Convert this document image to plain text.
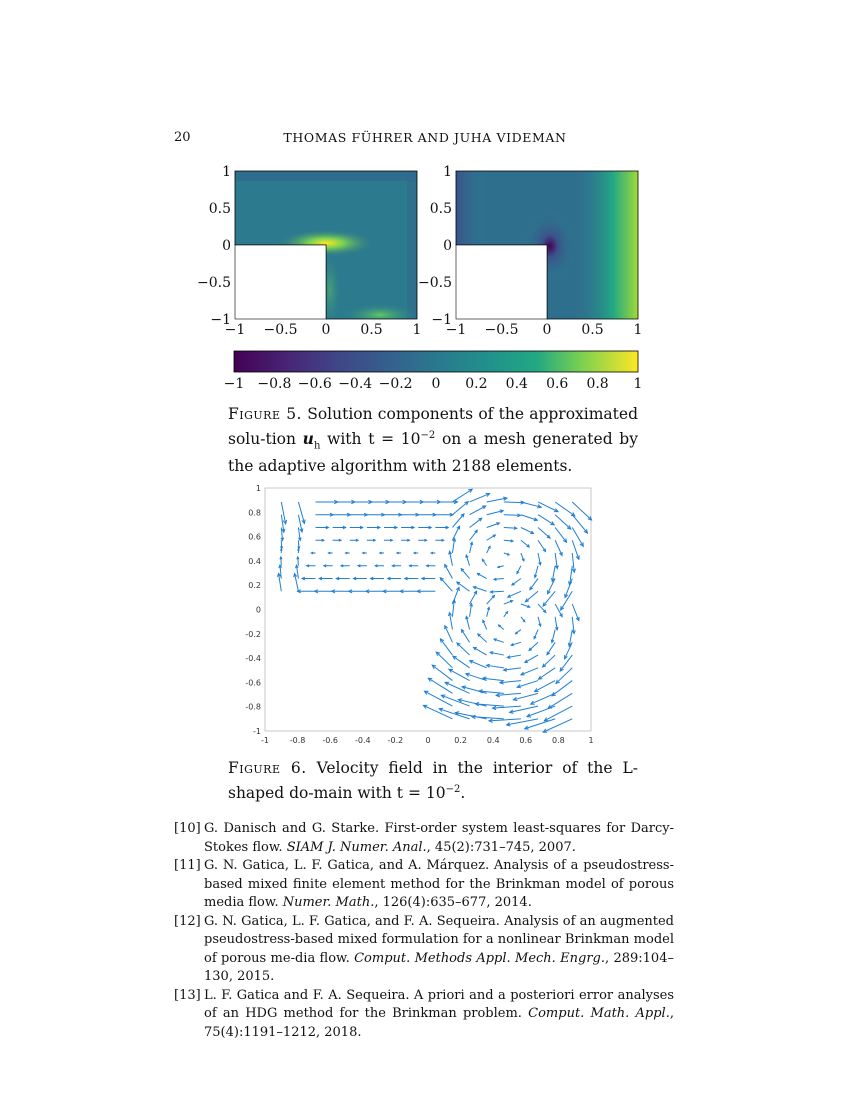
20	THOMAS FÜHRER AND JUHA VIDEMAN
1
0.5
0
−0.5
−1
−1 −0.5 0 0.5 1
1
0.5
0
−0.5
−1
−1 −0.5 0 0.5 1
−1 −0.8 −0.6 −0.4 −0.2 0 0.2 0.4 0.6 0.8 1
1
0.8
0.6
0.4
0.2
0
-0.2
-0.4
-0.6
-0.8
-1
-1	-0.8 -0.6 -0.4 -0.2	0	0.2 0.4 0.6 0.8	1
Figure 5. Solution components of the approximated solu-tion $u_h$ with $t = 10^{-2}$ on a mesh generated by the adaptive algorithm with 2188 elements.
Figure 6. Velocity field in the interior of the L-shaped do-main with $t = 10^{-2}$.
[10] G. Danisch and G. Starke. First-order system least-squares for Darcy-Stokes flow. SIAM J. Numer. Anal., 45(2):731–745, 2007.
[11] G. N. Gatica, L. F. Gatica, and A. Márquez. Analysis of a pseudostress-based mixed finite element method for the Brinkman model of porous media flow. Numer. Math., 126(4):635–677, 2014.
[12] G. N. Gatica, L. F. Gatica, and F. A. Sequeira. Analysis of an augmented pseudostress-based mixed formulation for a nonlinear Brinkman model of porous me-dia flow. Comput. Methods Appl. Mech. Engrg., 289:104–130, 2015.
[13] L. F. Gatica and F. A. Sequeira. A priori and a posteriori error analyses of an HDG method for the Brinkman problem. Comput. Math. Appl., 75(4):1191–1212, 2018.
